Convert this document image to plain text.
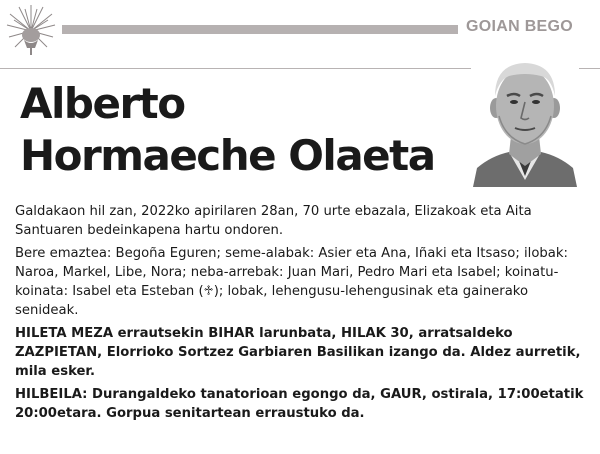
GOIAN BEGO
Alberto
Hormaeche Olaeta

Galdakaon hil zan, 2022ko apirilaren 28an, 70 urte ebazala, Elizakoak eta Aita Santuaren bedeinkapena hartu ondoren.

Bere emaztea: Begoña Eguren; seme-alabak: Asier eta Ana, Iñaki eta Itsaso; ilobak: Naroa, Markel, Libe, Nora; neba-arrebak: Juan Mari, Pedro Mari eta Isabel; koinatu-koinata: Isabel eta Esteban (♱); lobak, lehengusu-lehengusinak eta gainerako senideak.

HILETA MEZA errautsekin BIHAR larunbata, HILAK 30, arratsaldeko ZAZPIETAN, Elorrioko Sortzez Garbiaren Basilikan izango da. Aldez aurretik, mila esker.

HILBEILA: Durangaldeko tanatorioan egongo da, GAUR, ostirala, 17:00etatik 20:00etara. Gorpua senitartean erraustuko da.
